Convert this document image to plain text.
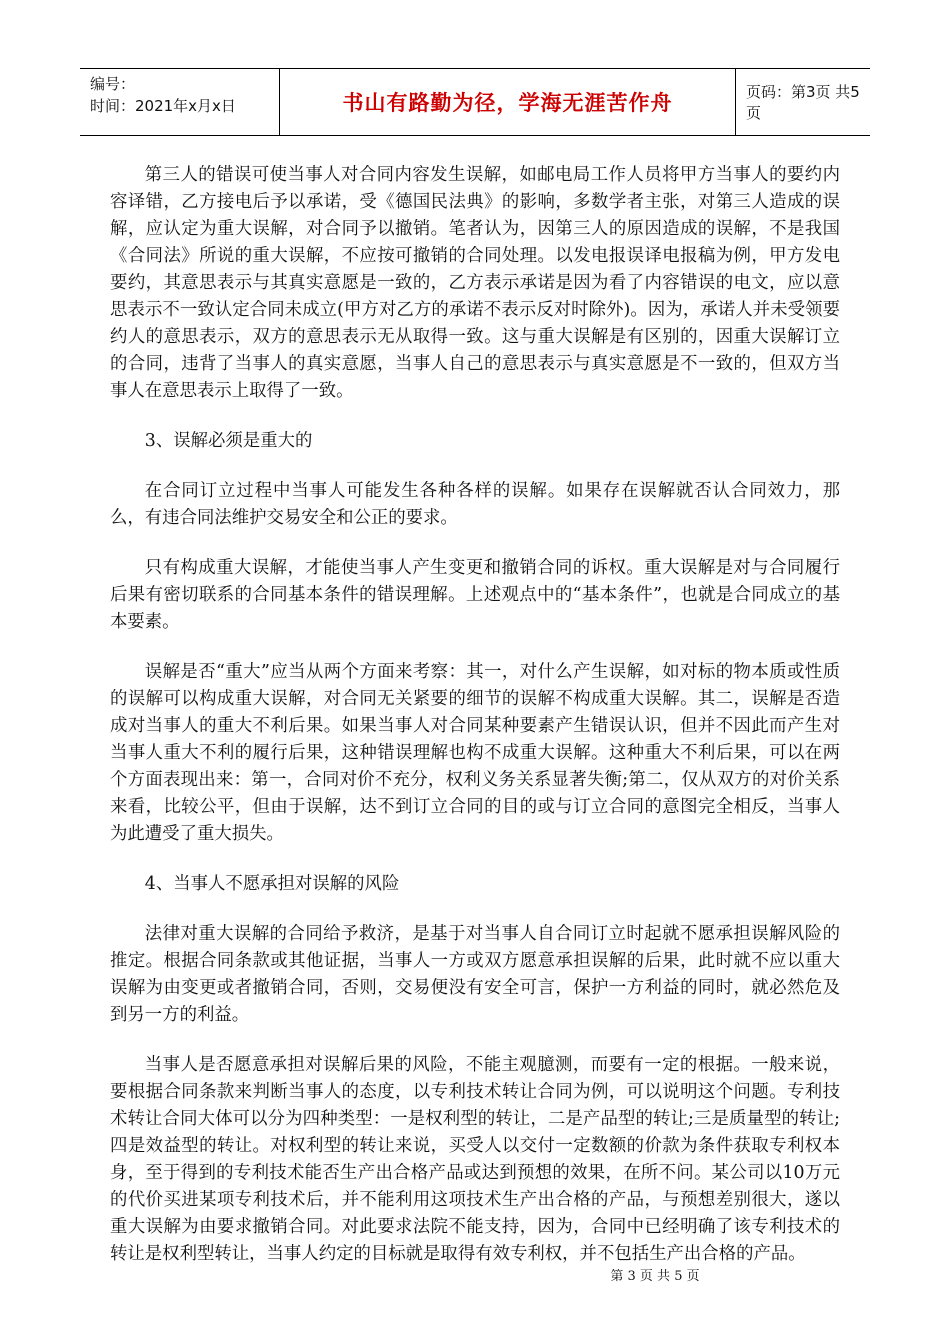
编号：
时间：2021年x月x日	书山有路勤为径，学海无涯苦作舟	页码：第3页 共5页

第三人的错误可使当事人对合同内容发生误解，如邮电局工作人员将甲方当事人的要约内容译错，乙方接电后予以承诺，受《德国民法典》的影响，多数学者主张，对第三人造成的误解，应认定为重大误解，对合同予以撤销。笔者认为，因第三人的原因造成的误解，不是我国《合同法》所说的重大误解，不应按可撤销的合同处理。以发电报误译电报稿为例，甲方发电要约，其意思表示与其真实意愿是一致的，乙方表示承诺是因为看了内容错误的电文，应以意思表示不一致认定合同未成立(甲方对乙方的承诺不表示反对时除外)。因为，承诺人并未受领要约人的意思表示，双方的意思表示无从取得一致。这与重大误解是有区别的，因重大误解订立的合同，违背了当事人的真实意愿，当事人自己的意思表示与真实意愿是不一致的，但双方当事人在意思表示上取得了一致。

3、误解必须是重大的

在合同订立过程中当事人可能发生各种各样的误解。如果存在误解就否认合同效力，那么，有违合同法维护交易安全和公正的要求。

只有构成重大误解，才能使当事人产生变更和撤销合同的诉权。重大误解是对与合同履行后果有密切联系的合同基本条件的错误理解。上述观点中的“基本条件”，也就是合同成立的基本要素。

误解是否“重大”应当从两个方面来考察：其一，对什么产生误解，如对标的物本质或性质的误解可以构成重大误解，对合同无关紧要的细节的误解不构成重大误解。其二，误解是否造成对当事人的重大不利后果。如果当事人对合同某种要素产生错误认识，但并不因此而产生对当事人重大不利的履行后果，这种错误理解也构不成重大误解。这种重大不利后果，可以在两个方面表现出来：第一，合同对价不充分，权利义务关系显著失衡;第二，仅从双方的对价关系来看，比较公平，但由于误解，达不到订立合同的目的或与订立合同的意图完全相反，当事人为此遭受了重大损失。

4、当事人不愿承担对误解的风险

法律对重大误解的合同给予救济，是基于对当事人自合同订立时起就不愿承担误解风险的推定。根据合同条款或其他证据，当事人一方或双方愿意承担误解的后果，此时就不应以重大误解为由变更或者撤销合同，否则，交易便没有安全可言，保护一方利益的同时，就必然危及到另一方的利益。

当事人是否愿意承担对误解后果的风险，不能主观臆测，而要有一定的根据。一般来说，要根据合同条款来判断当事人的态度，以专利技术转让合同为例，可以说明这个问题。专利技术转让合同大体可以分为四种类型：一是权利型的转让，二是产品型的转让;三是质量型的转让;四是效益型的转让。对权利型的转让来说，买受人以交付一定数额的价款为条件获取专利权本身，至于得到的专利技术能否生产出合格产品或达到预想的效果，在所不问。某公司以10万元的代价买进某项专利技术后，并不能利用这项技术生产出合格的产品，与预想差别很大，遂以重大误解为由要求撤销合同。对此要求法院不能支持，因为，合同中已经明确了该专利技术的转让是权利型转让，当事人约定的目标就是取得有效专利权，并不包括生产出合格的产品。

第 3 页 共 5 页
